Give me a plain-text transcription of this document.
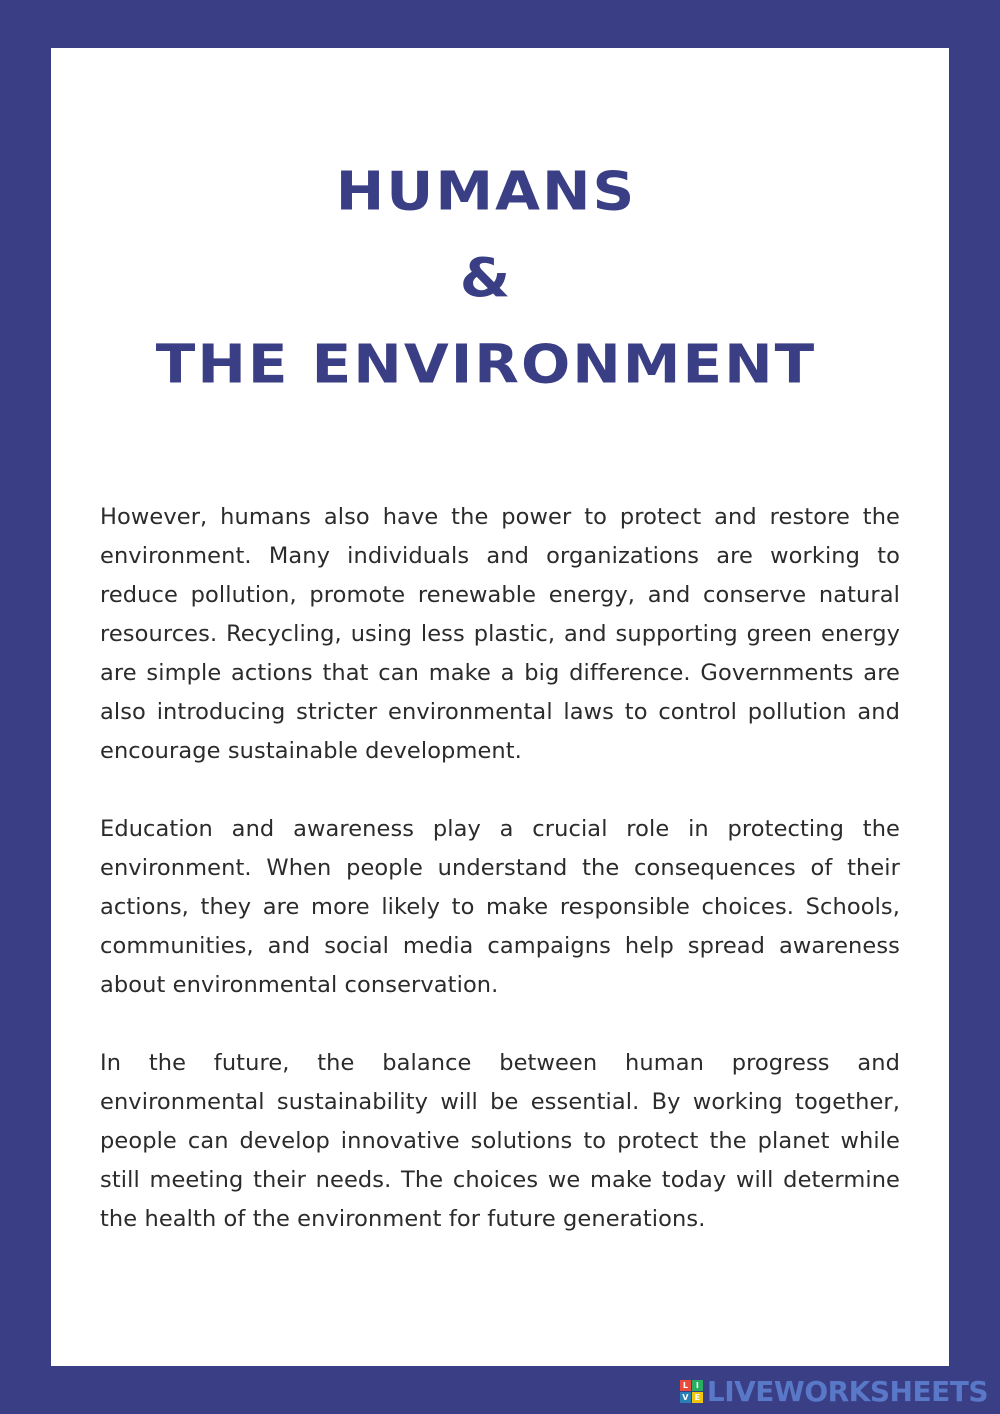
HUMANS
&
THE ENVIRONMENT

However, humans also have the power to protect and restore the environment. Many individuals and organizations are working to reduce pollution, promote renewable energy, and conserve natural resources. Recycling, using less plastic, and supporting green energy are simple actions that can make a big difference. Governments are also introducing stricter environmental laws to control pollution and encourage sustainable development.

Education and awareness play a crucial role in protecting the environment. When people understand the consequences of their actions, they are more likely to make responsible choices. Schools, communities, and social media campaigns help spread awareness about environmental conservation.

In the future, the balance between human progress and environmental sustainability will be essential. By working together, people can develop innovative solutions to protect the planet while still meeting their needs. The choices we make today will determine the health of the environment for future generations.

L I
V E LIVEWORKSHEETS
